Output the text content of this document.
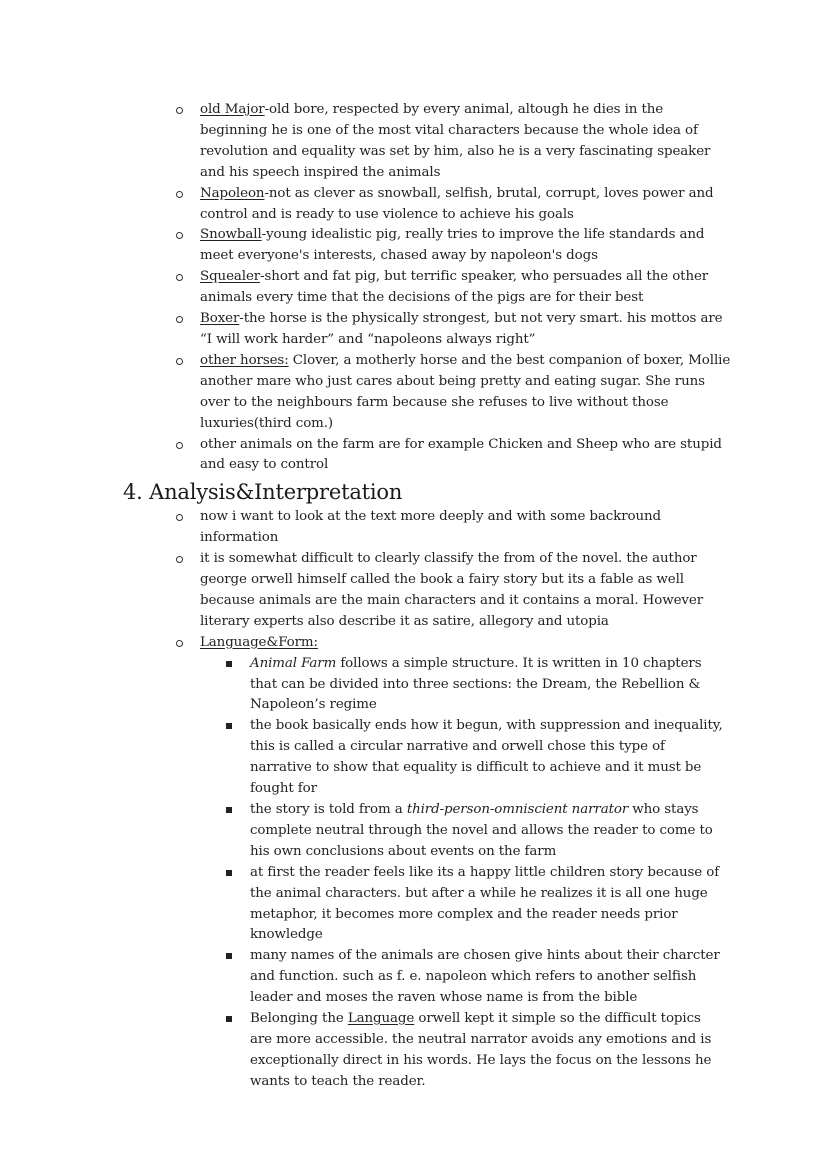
old Major-old bore, respected by every animal, altough he dies in the beginning he is one of the most vital characters because the whole idea of revolution and equality was set by him, also he is a very fascinating speaker and his speech inspired the animals
Napoleon-not as clever as snowball, selfish, brutal, corrupt, loves power and control and is ready to use violence to achieve his goals
Snowball-young idealistic pig, really tries to improve the life standards and meet everyone's interests, chased away by napoleon's dogs
Squealer-short and fat pig, but terrific speaker, who persuades all the other animals every time that the decisions of the pigs are for their best
Boxer-the horse is the physically strongest, but not very smart. his mottos are “I will work harder” and “napoleons always right”
other horses: Clover, a motherly horse and the best companion of boxer, Mollie another mare who just cares about being pretty and eating sugar. She runs over to the neighbours farm because she refuses to live without those luxuries(third com.)
other animals on the farm are for example Chicken and Sheep who are stupid and easy to control
4. Analysis&Interpretation
now i want to look at the text more deeply and with some backround information
it is somewhat difficult to clearly classify the from of the novel. the author george orwell himself called the book a fairy story but its a fable as well because animals are the main characters and it contains a moral. However literary experts also describe it as satire, allegory and utopia
Language&Form:
Animal Farm follows a simple structure. It is written in 10 chapters that can be divided into three sections: the Dream, the Rebellion & Napoleon’s regime
the book basically ends how it begun, with suppression and inequality, this is called a circular narrative and orwell chose this type of narrative to show that equality is difficult to achieve and it must be fought for
the story is told from a third-person-omniscient narrator who stays complete neutral through the novel and allows the reader to come to his own conclusions about events on the farm
at first the reader feels like its a happy little children story because of the animal characters. but after a while he realizes it is all one huge metaphor, it becomes more complex and the reader needs prior knowledge
many names of the animals are chosen give hints about their charcter and function. such as f. e. napoleon which refers to another selfish leader and moses the raven whose name is from the bible
Belonging the Language orwell kept it simple so the difficult topics are more accessible. the neutral narrator avoids any emotions and is exceptionally direct in his words. He lays the focus on the lessons he wants to teach the reader.
